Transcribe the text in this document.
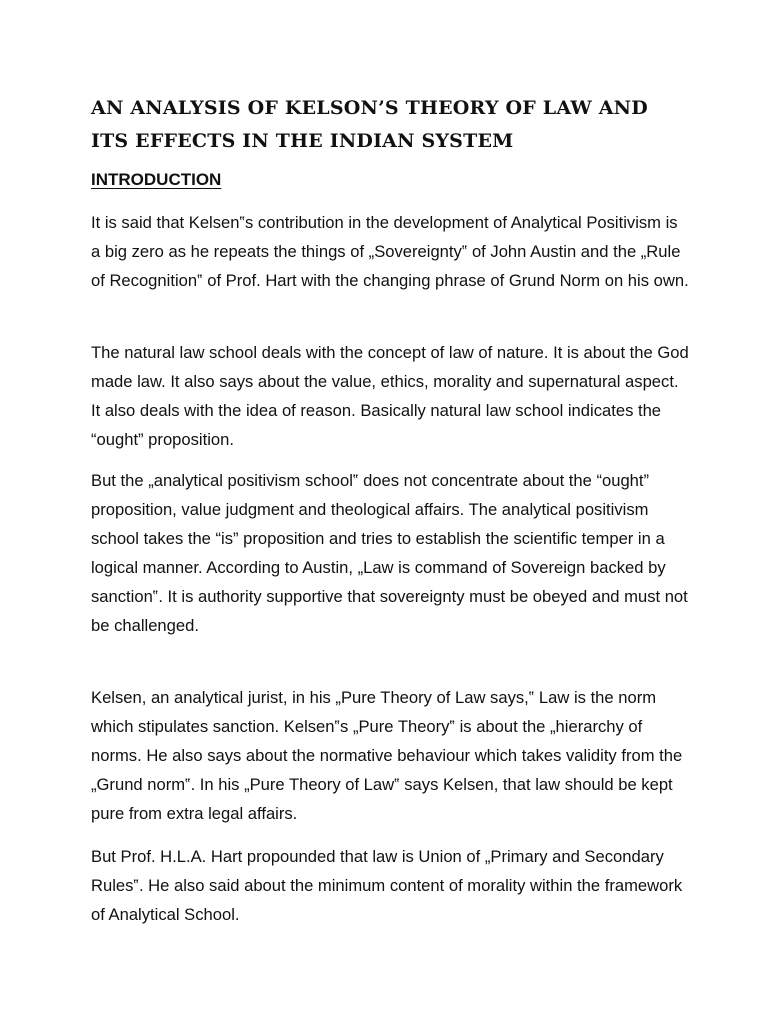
AN ANALYSIS OF KELSON’S THEORY OF LAW AND ITS EFFECTS IN THE INDIAN SYSTEM
INTRODUCTION

It is said that Kelsen‟s contribution in the development of Analytical Positivism is a big zero as he repeats the things of „Sovereignty‟ of John Austin and the „Rule of Recognition‟ of Prof. Hart with the changing phrase of Grund Norm on his own.

The natural law school deals with the concept of law of nature. It is about the God made law. It also says about the value, ethics, morality and supernatural aspect. It also deals with the idea of reason. Basically natural law school indicates the “ought” proposition.

But the „analytical positivism school‟ does not concentrate about the “ought” proposition, value judgment and theological affairs. The analytical positivism school takes the “is” proposition and tries to establish the scientific temper in a logical manner. According to Austin, „Law is command of Sovereign backed by sanction‟. It is authority supportive that sovereignty must be obeyed and must not be challenged.

Kelsen, an analytical jurist, in his „Pure Theory of Law says,‟ Law is the norm which stipulates sanction. Kelsen‟s „Pure Theory‟ is about the „hierarchy of norms. He also says about the normative behaviour which takes validity from the „Grund norm‟. In his „Pure Theory of Law‟ says Kelsen, that law should be kept pure from extra legal affairs.

But Prof. H.L.A. Hart propounded that law is Union of „Primary and Secondary Rules‟. He also said about the minimum content of morality within the framework of Analytical School.
